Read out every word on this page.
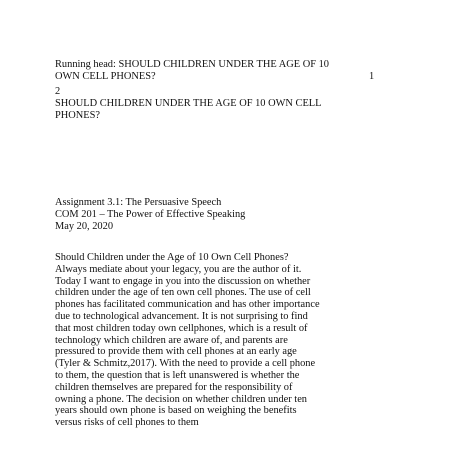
Running head: SHOULD CHILDREN UNDER THE AGE OF 10
OWN CELL PHONES?	1
2
SHOULD CHILDREN UNDER THE AGE OF 10 OWN CELL
PHONES?
Assignment 3.1: The Persuasive Speech
COM 201 – The Power of Effective Speaking
May 20, 2020
Should Children under the Age of 10 Own Cell Phones?
Always mediate about your legacy, you are the author of it.
Today I want to engage in you into the discussion on whether
children under the age of ten own cell phones. The use of cell
phones has facilitated communication and has other importance
due to technological advancement. It is not surprising to find
that most children today own cellphones, which is a result of
technology which children are aware of, and parents are
pressured to provide them with cell phones at an early age
(Tyler & Schmitz,2017). With the need to provide a cell phone
to them, the question that is left unanswered is whether the
children themselves are prepared for the responsibility of
owning a phone. The decision on whether children under ten
years should own phone is based on weighing the benefits
versus risks of cell phones to them
